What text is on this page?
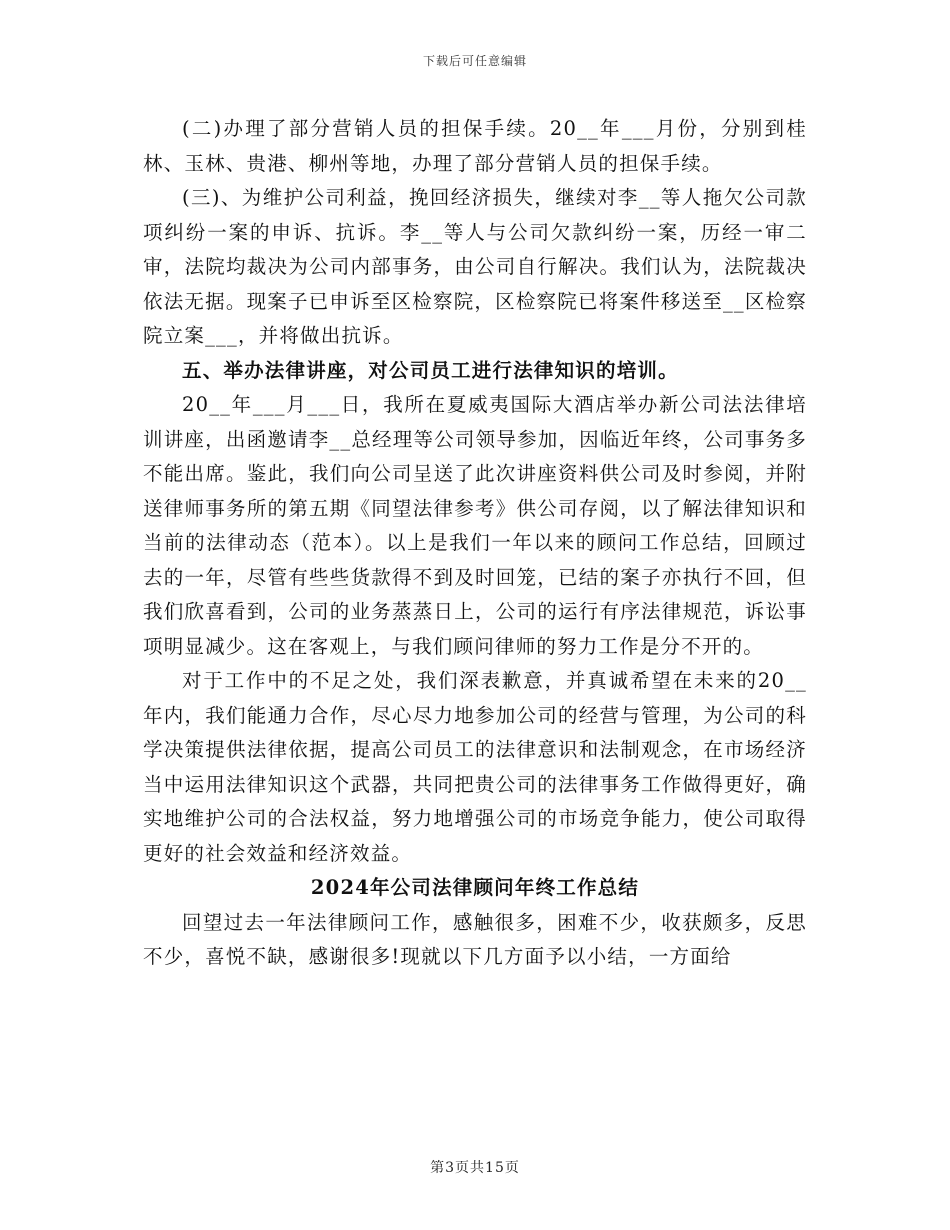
下载后可任意编辑

(二)办理了部分营销人员的担保手续。20__年___月份，分别到桂林、玉林、贵港、柳州等地，办理了部分营销人员的担保手续。

(三)、为维护公司利益，挽回经济损失，继续对李__等人拖欠公司款项纠纷一案的申诉、抗诉。李__等人与公司欠款纠纷一案，历经一审二审，法院均裁决为公司内部事务，由公司自行解决。我们认为，法院裁决依法无据。现案子已申诉至区检察院，区检察院已将案件移送至__区检察院立案___，并将做出抗诉。

五、举办法律讲座，对公司员工进行法律知识的培训。

20__年___月___日，我所在夏威夷国际大酒店举办新公司法法律培训讲座，出函邀请李__总经理等公司领导参加，因临近年终，公司事务多不能出席。鉴此，我们向公司呈送了此次讲座资料供公司及时参阅，并附送律师事务所的第五期《同望法律参考》供公司存阅，以了解法律知识和当前的法律动态（范本）。以上是我们一年以来的顾问工作总结，回顾过去的一年，尽管有些些货款得不到及时回笼，已结的案子亦执行不回，但我们欣喜看到，公司的业务蒸蒸日上，公司的运行有序法律规范，诉讼事项明显减少。这在客观上，与我们顾问律师的努力工作是分不开的。

对于工作中的不足之处，我们深表歉意，并真诚希望在未来的20__年内，我们能通力合作，尽心尽力地参加公司的经营与管理，为公司的科学决策提供法律依据，提高公司员工的法律意识和法制观念，在市场经济当中运用法律知识这个武器，共同把贵公司的法律事务工作做得更好，确实地维护公司的合法权益，努力地增强公司的市场竞争能力，使公司取得更好的社会效益和经济效益。

2024年公司法律顾问年终工作总结

回望过去一年法律顾问工作，感触很多，困难不少，收获颇多，反思不少，喜悦不缺，感谢很多!现就以下几方面予以小结，一方面给

第3页共15页
